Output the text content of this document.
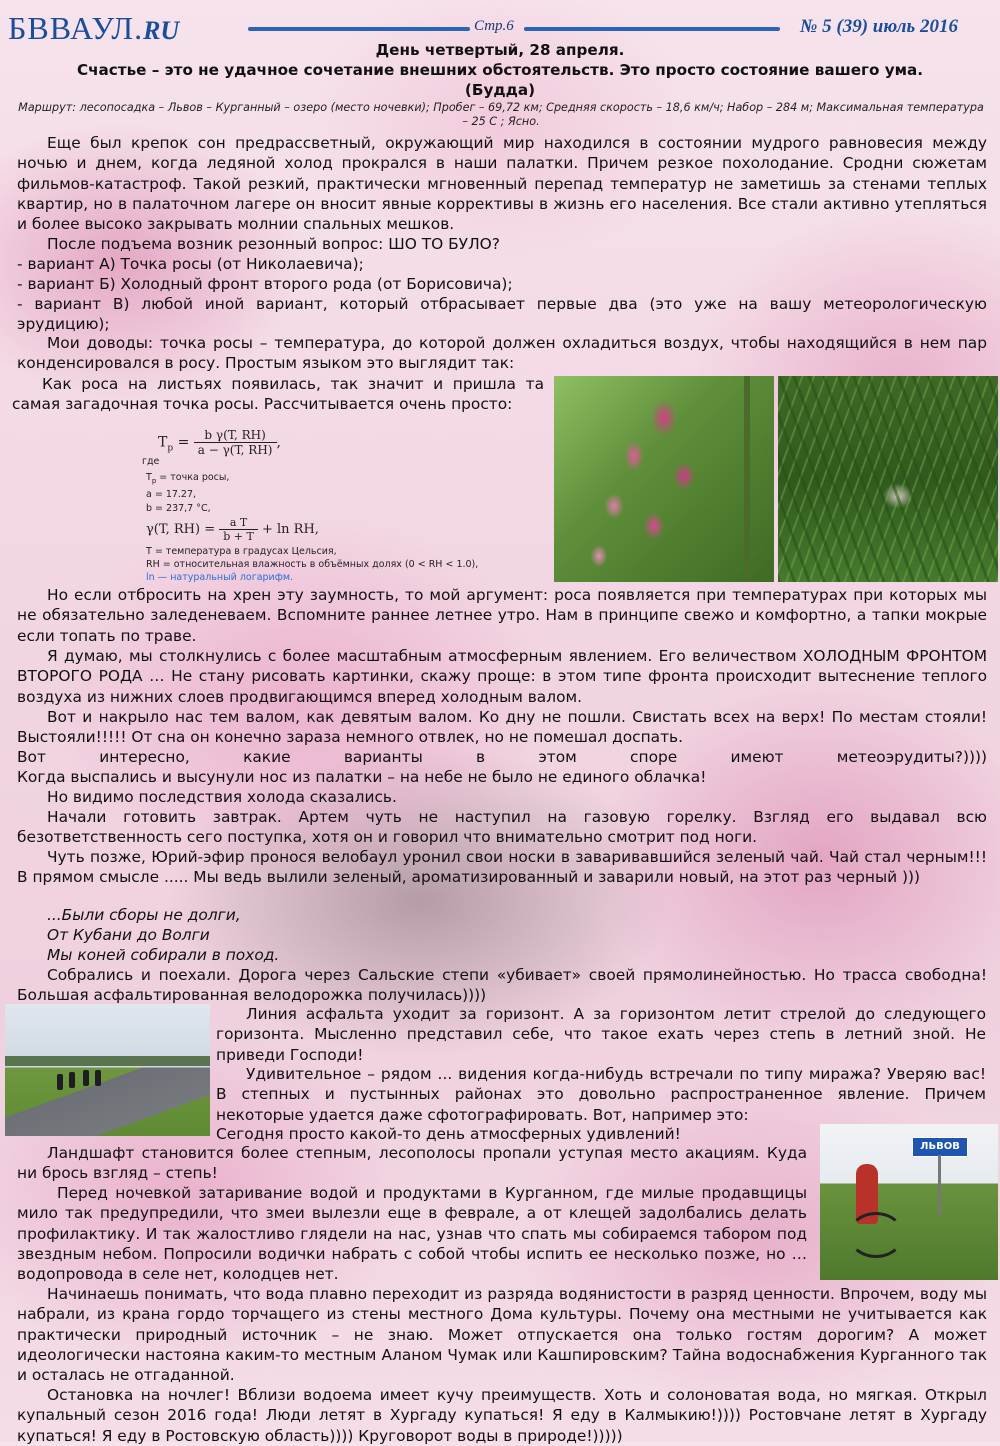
БВВАУЛ.RU	Стр.6	№ 5 (39) июль 2016
День четвертый, 28 апреля.
Счастье – это не удачное сочетание внешних обстоятельств. Это просто состояние вашего ума.
(Будда)
Маршрут: лесопосадка – Львов – Курганный – озеро (место ночевки); Пробег – 69,72 км; Средняя скорость – 18,6 км/ч; Набор – 284 м; Максимальная температура – 25 С ; Ясно.
Еще был крепок сон предрассветный, окружающий мир находился в состоянии мудрого равновесия между ночью и днем, когда ледяной холод прокрался в наши палатки. Причем резкое похолодание. Сродни сюжетам фильмов-катастроф. Такой резкий, практически мгновенный перепад температур не заметишь за стенами теплых квартир, но в палаточном лагере он вносит явные коррективы в жизнь его населения. Все стали активно утепляться и более высоко закрывать молнии спальных мешков.
После подъема возник резонный вопрос: ШО ТО БУЛО?
- вариант А) Точка росы (от Николаевича);
- вариант Б) Холодный фронт второго рода (от Борисовича);
- вариант В) любой иной вариант, который отбрасывает первые два (это уже на вашу метеорологическую эрудицию);
Мои доводы: точка росы – температура, до которой должен охладиться воздух, чтобы находящийся в нем пар конденсировался в росу. Простым языком это выглядит так:
Как роса на листьях появилась, так значит и пришла та самая загадочная точка росы. Рассчитывается очень просто:
$T_p = \frac{\text{b γ(T, RH)}}{a - \gamma(T, RH)}$ ,
где
$T_p$ = точка росы,
a = 17.27,
b = 237,7 °C,
γ(T, $RH) = \frac{\text{a T}}{b + T} + \ln$ RH,
T = температура в градусах Цельсия,
RH = относительная влажность в объёмных долях (0 < RH < 1.0),
ln — натуральный логарифм.
Но если отбросить на хрен эту заумность, то мой аргумент: роса появляется при температурах при которых мы не обязательно заледеневаем. Вспомните раннее летнее утро. Нам в принципе свежо и комфортно, а тапки мокрые если топать по траве.
Я думаю, мы столкнулись с более масштабным атмосферным явлением. Его величеством ХОЛОДНЫМ ФРОНТОМ ВТОРОГО РОДА … Не стану рисовать картинки, скажу проще: в этом типе фронта происходит вытеснение теплого воздуха из нижних слоев продвигающимся вперед холодным валом.
Вот и накрыло нас тем валом, как девятым валом. Ко дну не пошли. Свистать всех на верх! По местам стояли! Выстояли!!!!! От сна он конечно зараза немного отвлек, но не помешал доспать.
Вот интересно, какие варианты в этом споре имеют метеоэрудиты?))))
Когда выспались и высунули нос из палатки – на небе не было не единого облачка!
Но видимо последствия холода сказались.
Начали готовить завтрак. Артем чуть не наступил на газовую горелку. Взгляд его выдавал всю безответственность сего поступка, хотя он и говорил что внимательно смотрит под ноги.
Чуть позже, Юрий-эфир пронося велобаул уронил свои носки в заваривавшийся зеленый чай. Чай стал черным!!! В прямом смысле ..... Мы ведь вылили зеленый, ароматизированный и заварили новый, на этот раз черный )))
...Были сборы не долги,
От Кубани до Волги
Мы коней собирали в поход.
Собрались и поехали. Дорога через Сальские степи «убивает» своей прямолинейностью. Но трасса свободна! Большая асфальтированная велодорожка получилась))))
Линия асфальта уходит за горизонт. А за горизонтом летит стрелой до следующего горизонта. Мысленно представил себе, что такое ехать через степь в летний зной. Не приведи Господи!
Удивительное – рядом ... видения когда-нибудь встречали по типу миража? Уверяю вас! В степных и пустынных районах это довольно распространенное явление. Причем некоторые удается даже сфотографировать. Вот, например это:
Сегодня просто какой-то день атмосферных удивлений!
ЛЬВОВ
Ландшафт становится более степным, лесополосы пропали уступая место акациям. Куда ни брось взгляд – степь!
Перед ночевкой затаривание водой и продуктами в Курганном, где милые продавщицы мило так предупредили, что змеи вылезли еще в феврале, а от клещей задолбались делать профилактику. И так жалостливо глядели на нас, узнав что спать мы собираемся табором под звездным небом. Попросили водички набрать с собой чтобы испить ее несколько позже, но … водопровода в селе нет, колодцев нет.
Начинаешь понимать, что вода плавно переходит из разряда водянистости в разряд ценности. Впрочем, воду мы набрали, из крана гордо торчащего из стены местного Дома культуры. Почему она местными не учитывается как практически природный источник – не знаю. Может отпускается она только гостям дорогим? А может идеологически настояна каким-то местным Аланом Чумак или Кашпировским? Тайна водоснабжения Курганного так и осталась не отгаданной.
Остановка на ночлег! Вблизи водоема имеет кучу преимуществ. Хоть и солоноватая вода, но мягкая. Открыл купальный сезон 2016 года! Люди летят в Хургаду купаться! Я еду в Калмыкию!)))) Ростовчане летят в Хургаду купаться! Я еду в Ростовскую область)))) Круговорот воды в природе!)))))
